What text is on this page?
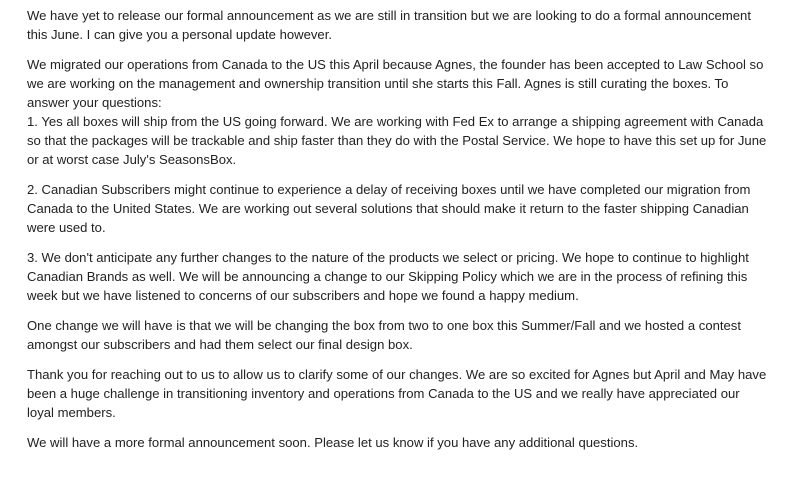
We have yet to release our formal announcement as we are still in transition but we are looking to do a formal announcement
this June. I can give you a personal update however.

We migrated our operations from Canada to the US this April because Agnes, the founder has been accepted to Law School so
we are working on the management and ownership transition until she starts this Fall. Agnes is still curating the boxes. To
answer your questions:
1. Yes all boxes will ship from the US going forward. We are working with Fed Ex to arrange a shipping agreement with Canada
so that the packages will be trackable and ship faster than they do with the Postal Service. We hope to have this set up for June
or at worst case July's SeasonsBox.

2. Canadian Subscribers might continue to experience a delay of receiving boxes until we have completed our migration from
Canada to the United States. We are working out several solutions that should make it return to the faster shipping Canadian
were used to.

3. We don't anticipate any further changes to the nature of the products we select or pricing. We hope to continue to highlight
Canadian Brands as well. We will be announcing a change to our Skipping Policy which we are in the process of refining this
week but we have listened to concerns of our subscribers and hope we found a happy medium.

One change we will have is that we will be changing the box from two to one box this Summer/Fall and we hosted a contest
amongst our subscribers and had them select our final design box.

Thank you for reaching out to us to allow us to clarify some of our changes. We are so excited for Agnes but April and May have
been a huge challenge in transitioning inventory and operations from Canada to the US and we really have appreciated our
loyal members.

We will have a more formal announcement soon. Please let us know if you have any additional questions.
